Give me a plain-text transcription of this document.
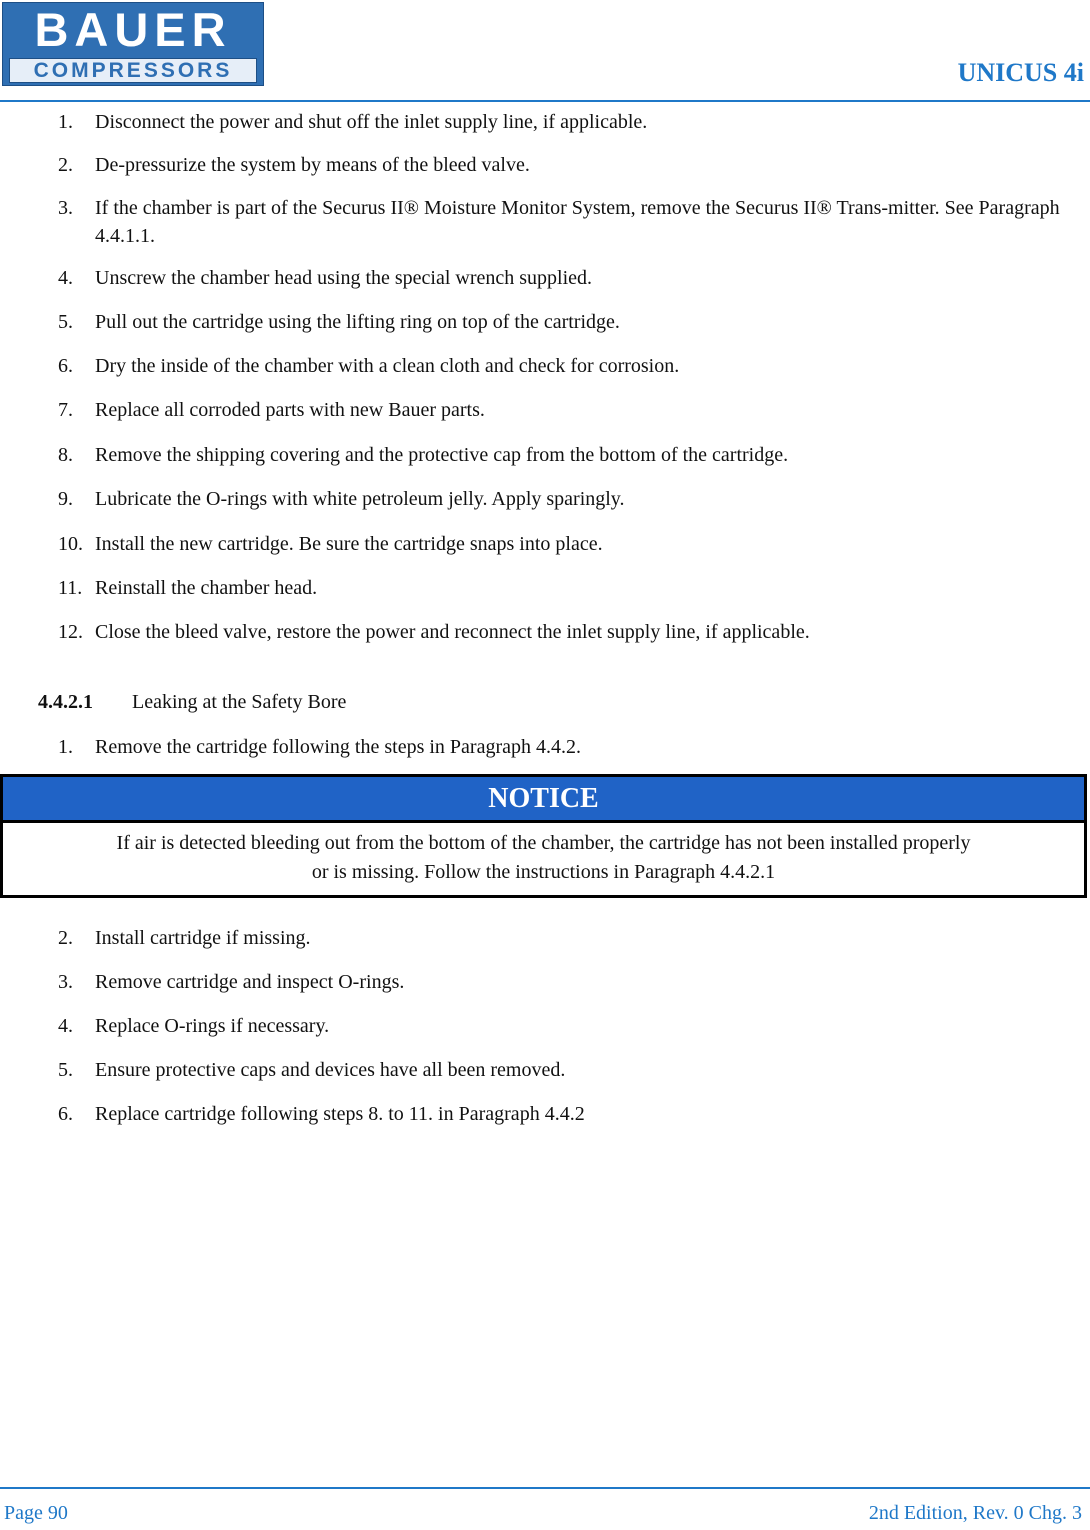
BAUER
COMPRESSORS	UNICUS 4i
1. Disconnect the power and shut off the inlet supply line, if applicable.
2. De-pressurize the system by means of the bleed valve.
3. If the chamber is part of the Securus II® Moisture Monitor System, remove the Securus II® Trans-mitter. See Paragraph 4.4.1.1.
4. Unscrew the chamber head using the special wrench supplied.
5. Pull out the cartridge using the lifting ring on top of the cartridge.
6. Dry the inside of the chamber with a clean cloth and check for corrosion.
7. Replace all corroded parts with new Bauer parts.
8. Remove the shipping covering and the protective cap from the bottom of the cartridge.
9. Lubricate the O-rings with white petroleum jelly. Apply sparingly.
10. Install the new cartridge. Be sure the cartridge snaps into place.
11. Reinstall the chamber head.
12. Close the bleed valve, restore the power and reconnect the inlet supply line, if applicable.
4.4.2.1 Leaking at the Safety Bore
1. Remove the cartridge following the steps in Paragraph 4.4.2.
NOTICE
If air is detected bleeding out from the bottom of the chamber, the cartridge has not been installed properly
or is missing. Follow the instructions in Paragraph 4.4.2.1
2. Install cartridge if missing.
3. Remove cartridge and inspect O-rings.
4. Replace O-rings if necessary.
5. Ensure protective caps and devices have all been removed.
6. Replace cartridge following steps 8. to 11. in Paragraph 4.4.2
Page 90	2nd Edition, Rev. 0 Chg. 3
